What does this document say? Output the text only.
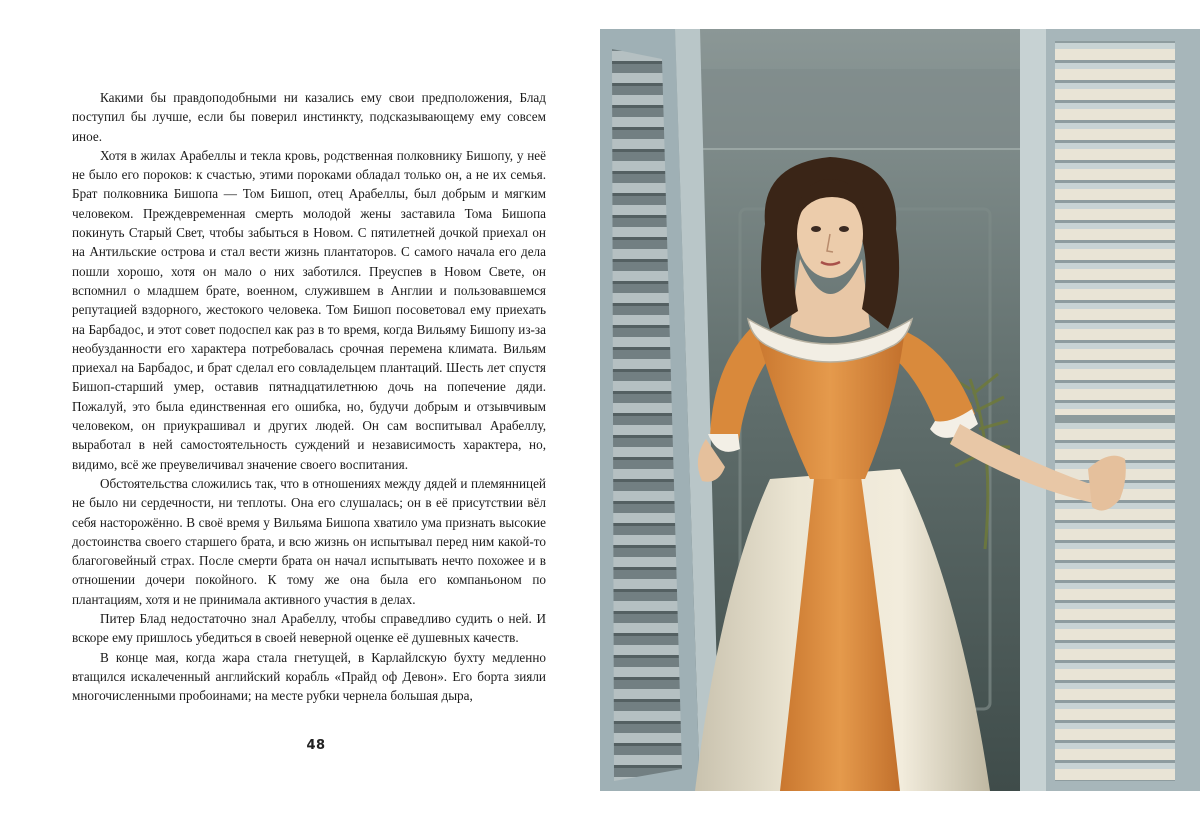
Какими бы правдоподобными ни казались ему свои предположения, Блад поступил бы лучше, если бы поверил инстинкту, подсказывающему ему совсем иное.

Хотя в жилах Арабеллы и текла кровь, родственная полковнику Бишопу, у неё не было его пороков: к счастью, этими пороками обладал только он, а не их семья. Брат полковника Бишопа — Том Бишоп, отец Арабеллы, был добрым и мягким человеком. Преждевременная смерть молодой жены заставила Тома Бишопа покинуть Старый Свет, чтобы забыться в Новом. С пятилетней дочкой приехал он на Антильские острова и стал вести жизнь плантаторов. С самого начала его дела пошли хорошо, хотя он мало о них заботился. Преуспев в Новом Свете, он вспомнил о младшем брате, военном, служившем в Англии и пользовавшемся репутацией вздорного, жестокого человека. Том Бишоп посоветовал ему приехать на Барбадос, и этот совет подоспел как раз в то время, когда Вильяму Бишопу из-за необузданности его характера потребовалась срочная перемена климата. Вильям приехал на Барбадос, и брат сделал его совладельцем плантаций. Шесть лет спустя Бишоп-старший умер, оставив пятнадцатилетнюю дочь на попечение дяди. Пожалуй, это была единственная его ошибка, но, будучи добрым и отзывчивым человеком, он приукрашивал и других людей. Он сам воспитывал Арабеллу, выработал в ней самостоятельность суждений и независимость характера, но, видимо, всё же преувеличивал значение своего воспитания.

Обстоятельства сложились так, что в отношениях между дядей и племянницей не было ни сердечности, ни теплоты. Она его слушалась; он в её присутствии вёл себя насторожённо. В своё время у Вильяма Бишопа хватило ума признать высокие достоинства своего старшего брата, и всю жизнь он испытывал перед ним какой-то благоговейный страх. После смерти брата он начал испытывать нечто похожее и в отношении дочери покойного. К тому же она была его компаньоном по плантациям, хотя и не принимала активного участия в делах.

Питер Блад недостаточно знал Арабеллу, чтобы справедливо судить о ней. И вскоре ему пришлось убедиться в своей неверной оценке её душевных качеств.

В конце мая, когда жара стала гнетущей, в Карлайлскую бухту медленно втащился искалеченный английский корабль «Прайд оф Девон». Его борта зияли многочисленными пробоинами; на месте рубки чернела большая дыра,

48
